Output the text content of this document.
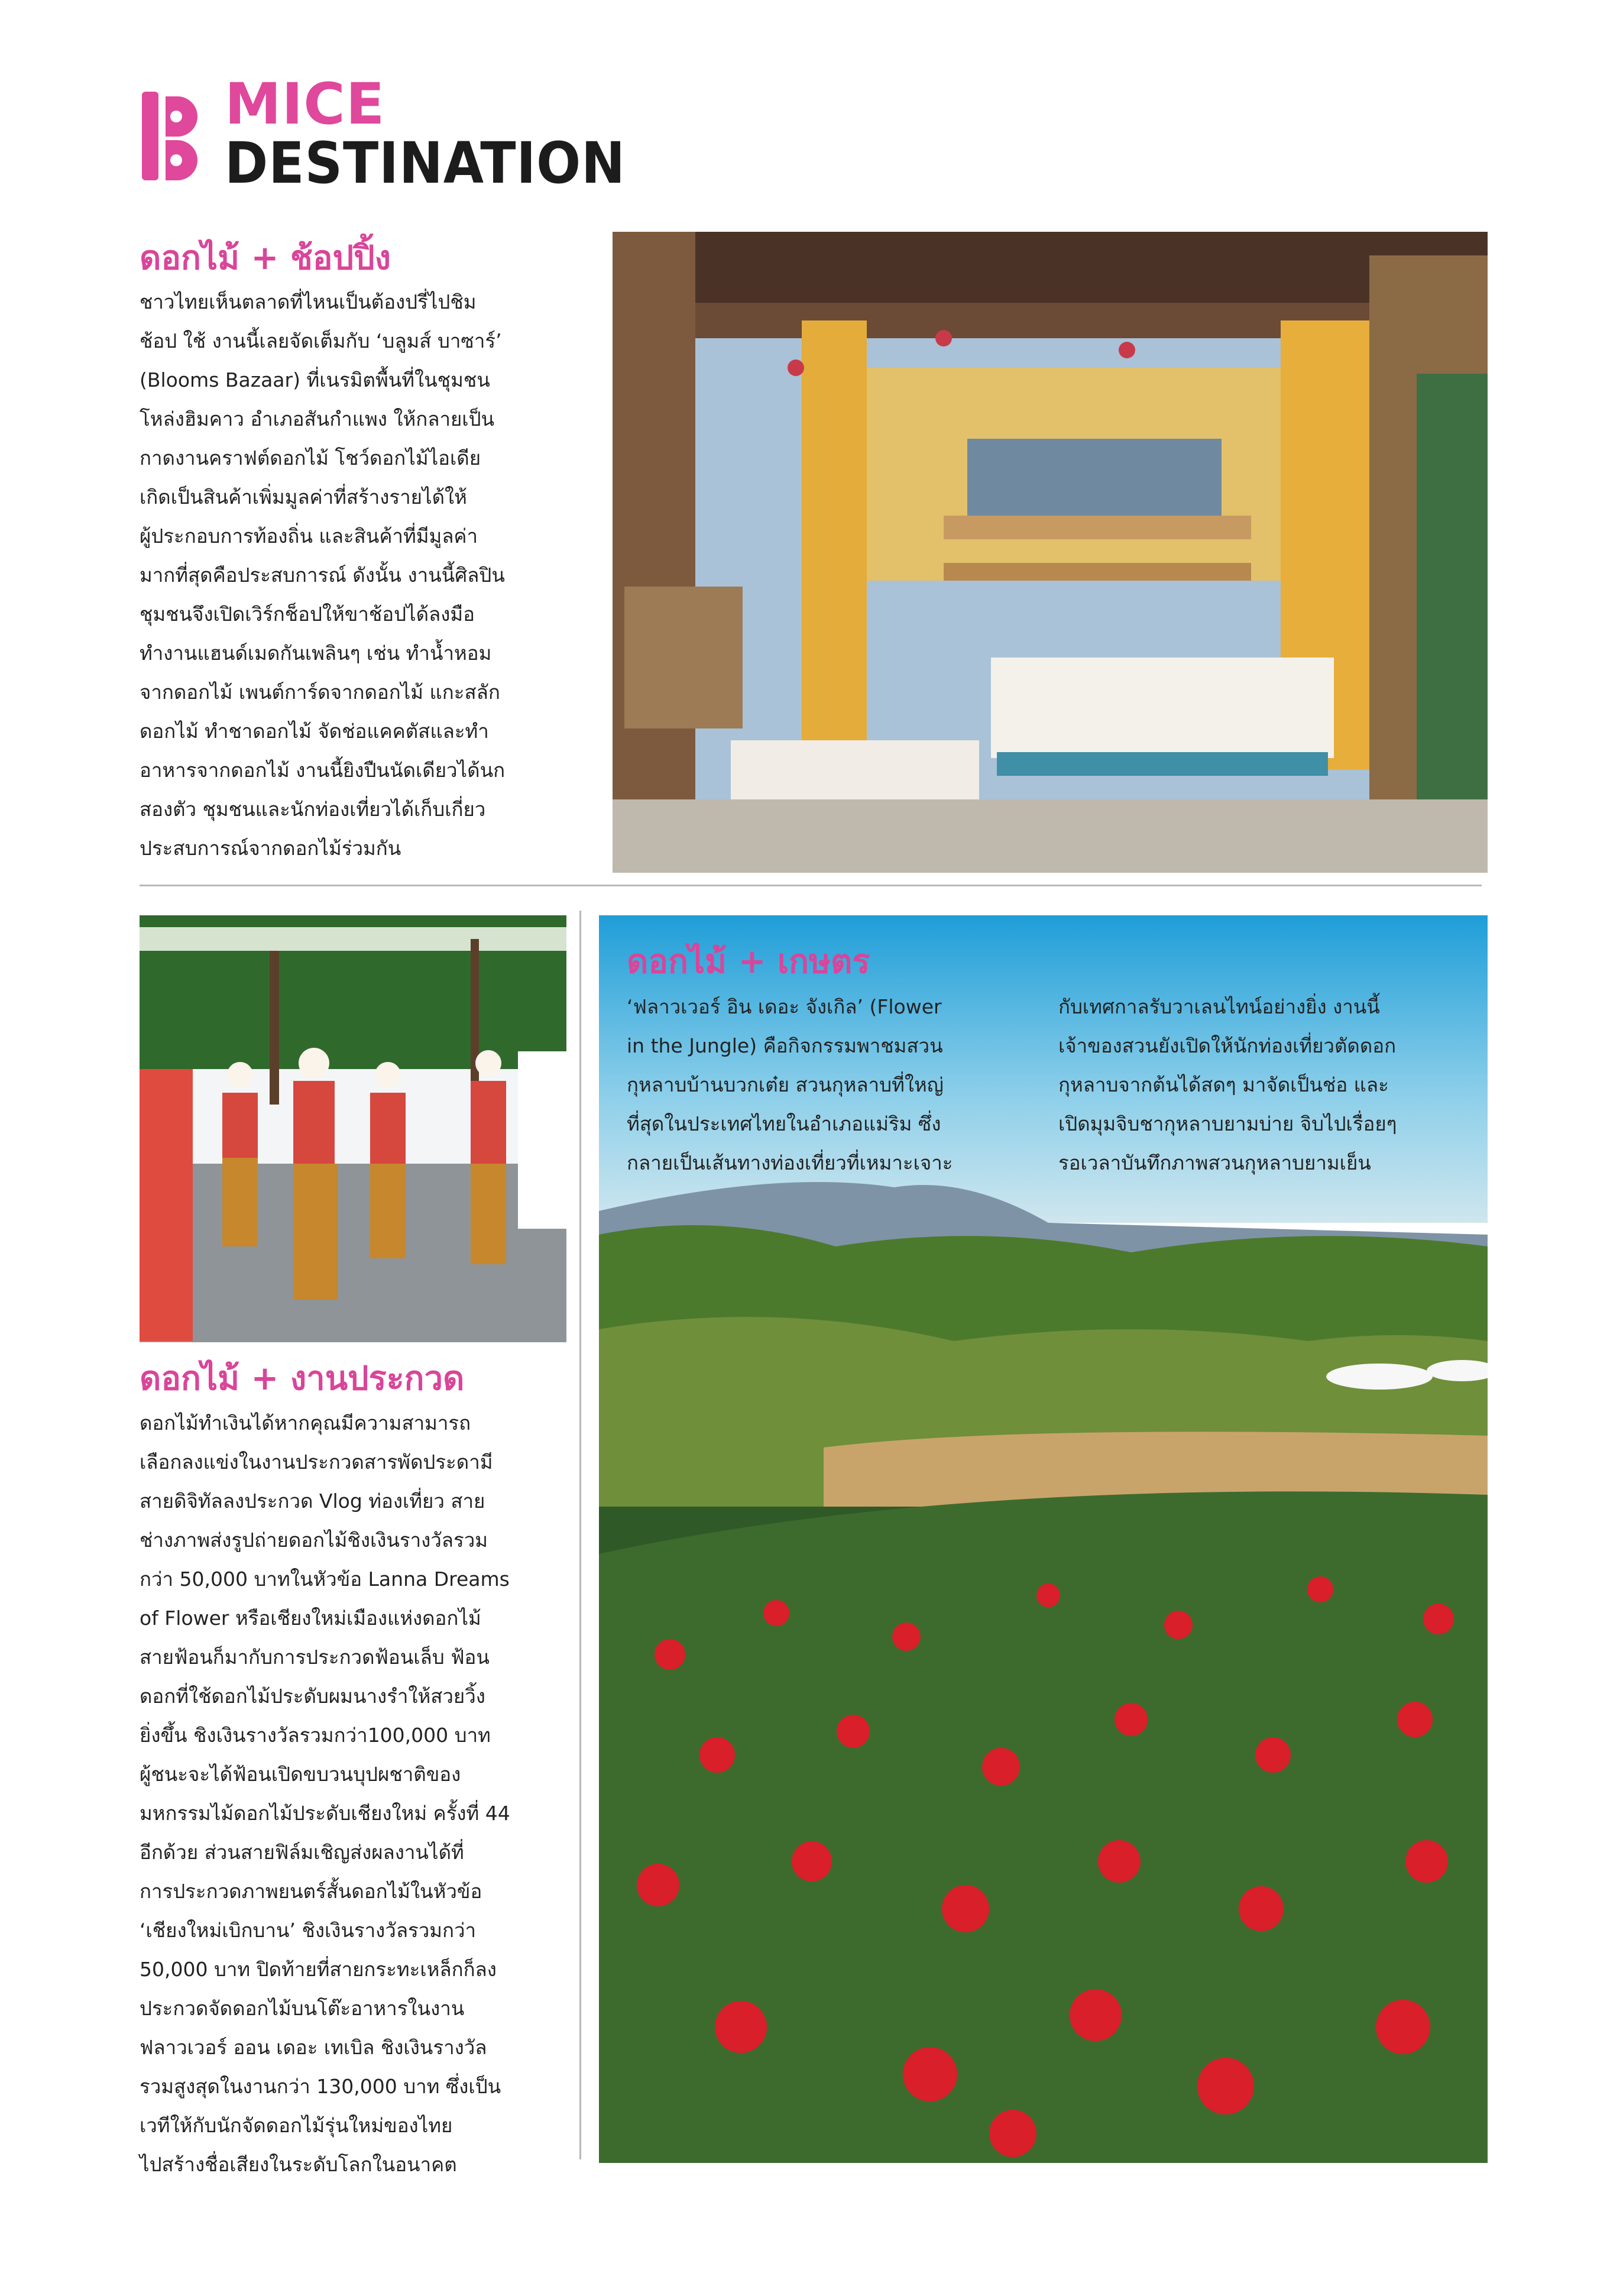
MICE
DESTINATION
ดอกไม้ + ช้อปปิ้ง
ชาวไทยเห็นตลาดที่ไหนเป็นต้องปรี่ไปชิม
ช้อป ใช้ งานนี้เลยจัดเต็มกับ ‘บลูมส์ บาซาร์’
(Blooms Bazaar) ที่เนรมิตพื้นที่ในชุมชน
โหล่งฮิมคาว อำเภอสันกำแพง ให้กลายเป็น
กาดงานคราฟต์ดอกไม้ โชว์ดอกไม้ไอเดีย
เกิดเป็นสินค้าเพิ่มมูลค่าที่สร้างรายได้ให้
ผู้ประกอบการท้องถิ่น และสินค้าที่มีมูลค่า
มากที่สุดคือประสบการณ์ ดังนั้น งานนี้ศิลปิน
ชุมชนจึงเปิดเวิร์กช็อปให้ขาช้อปได้ลงมือ
ทำงานแฮนด์เมดกันเพลินๆ เช่น ทำน้ำหอม
จากดอกไม้ เพนต์การ์ดจากดอกไม้ แกะสลัก
ดอกไม้ ทำชาดอกไม้ จัดช่อแคคตัสและทำ
อาหารจากดอกไม้ งานนี้ยิงปืนนัดเดียวได้นก
สองตัว ชุมชนและนักท่องเที่ยวได้เก็บเกี่ยว
ประสบการณ์จากดอกไม้ร่วมกัน
ดอกไม้ + งานประกวด
ดอกไม้ทำเงินได้หากคุณมีความสามารถ
เลือกลงแข่งในงานประกวดสารพัดประดามี
สายดิจิทัลลงประกวด Vlog ท่องเที่ยว สาย
ช่างภาพส่งรูปถ่ายดอกไม้ชิงเงินรางวัลรวม
กว่า 50,000 บาทในหัวข้อ Lanna Dreams
of Flower หรือเชียงใหม่เมืองแห่งดอกไม้
สายฟ้อนก็มากับการประกวดฟ้อนเล็บ ฟ้อน
ดอกที่ใช้ดอกไม้ประดับผมนางรำให้สวยวิ้ง
ยิ่งขึ้น ชิงเงินรางวัลรวมกว่า100,000 บาท
ผู้ชนะจะได้ฟ้อนเปิดขบวนบุปผชาติของ
มหกรรมไม้ดอกไม้ประดับเชียงใหม่ ครั้งที่ 44
อีกด้วย ส่วนสายฟิล์มเชิญส่งผลงานได้ที่
การประกวดภาพยนตร์สั้นดอกไม้ในหัวข้อ
‘เชียงใหม่เบิกบาน’ ชิงเงินรางวัลรวมกว่า
50,000 บาท ปิดท้ายที่สายกระทะเหล็กก็ลง
ประกวดจัดดอกไม้บนโต๊ะอาหารในงาน
ฟลาวเวอร์ ออน เดอะ เทเบิล ชิงเงินรางวัล
รวมสูงสุดในงานกว่า 130,000 บาท ซึ่งเป็น
เวทีให้กับนักจัดดอกไม้รุ่นใหม่ของไทย
ไปสร้างชื่อเสียงในระดับโลกในอนาคต
ดอกไม้ + เกษตร
‘ฟลาวเวอร์ อิน เดอะ จังเกิล’ (Flower
in the Jungle) คือกิจกรรมพาชมสวน
กุหลาบบ้านบวกเต๋ย สวนกุหลาบที่ใหญ่
ที่สุดในประเทศไทยในอำเภอแม่ริม ซึ่ง
กลายเป็นเส้นทางท่องเที่ยวที่เหมาะเจาะ
กับเทศกาลรับวาเลนไทน์อย่างยิ่ง งานนี้
เจ้าของสวนยังเปิดให้นักท่องเที่ยวตัดดอก
กุหลาบจากต้นได้สดๆ มาจัดเป็นช่อ และ
เปิดมุมจิบชากุหลาบยามบ่าย จิบไปเรื่อยๆ
รอเวลาบันทึกภาพสวนกุหลาบยามเย็น
